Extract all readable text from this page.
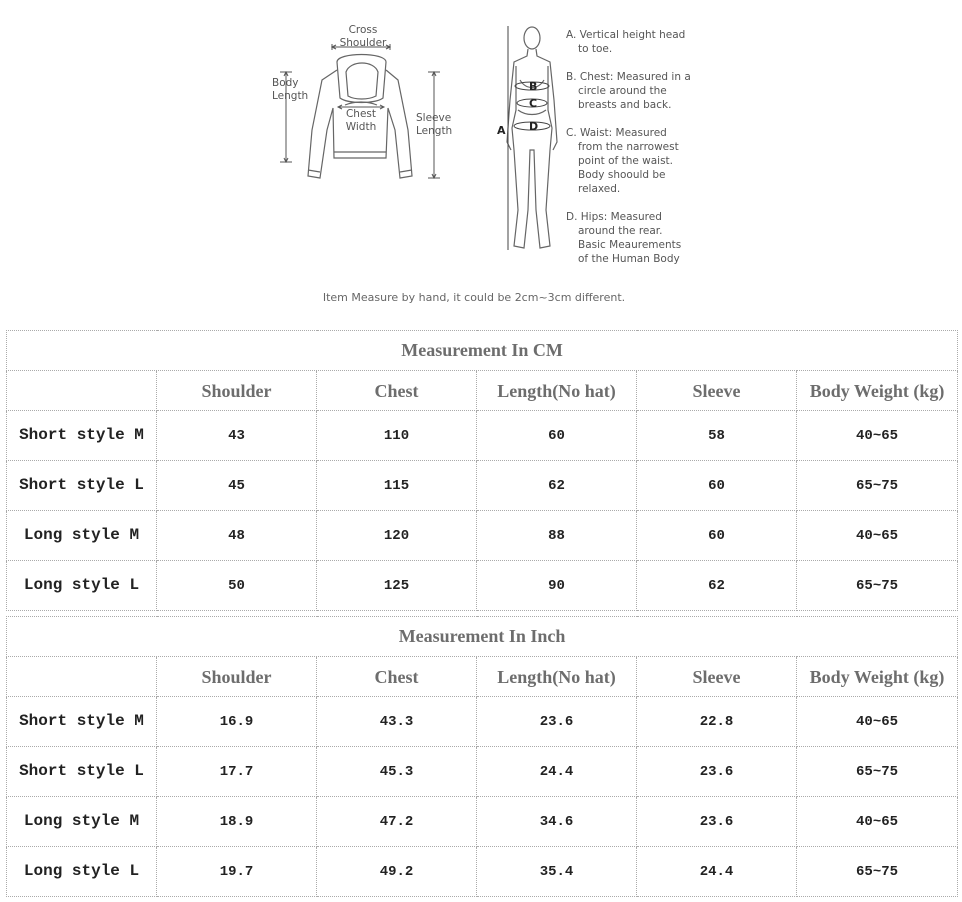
Cross
Shoulder
Body
Length
Chest
Width
Sleeve
Length	A
B
C
D
A. Vertical height head
to toe.
B. Chest: Measured in a
circle around the
breasts and back.
C. Waist: Measured
from the narrowest
point of the waist.
Body shoould be
relaxed.
D. Hips: Measured
around the rear.
Basic Meaurements
of the Human Body
Item Measure by hand, it could be 2cm~3cm different.
Measurement In CM					
	Shoulder	Chest	Length(No hat)	Sleeve	Body Weight (kg)
Short style M	43	110	60	58	40~65
Short style L	45	115	62	60	65~75
Long style M	48	120	88	60	40~65
Long style L	50	125	90	62	65~75
Measurement In Inch					
	Shoulder	Chest	Length(No hat)	Sleeve	Body Weight (kg)
Short style M	16.9	43.3	23.6	22.8	40~65
Short style L	17.7	45.3	24.4	23.6	65~75
Long style M	18.9	47.2	34.6	23.6	40~65
Long style L	19.7	49.2	35.4	24.4	65~75
